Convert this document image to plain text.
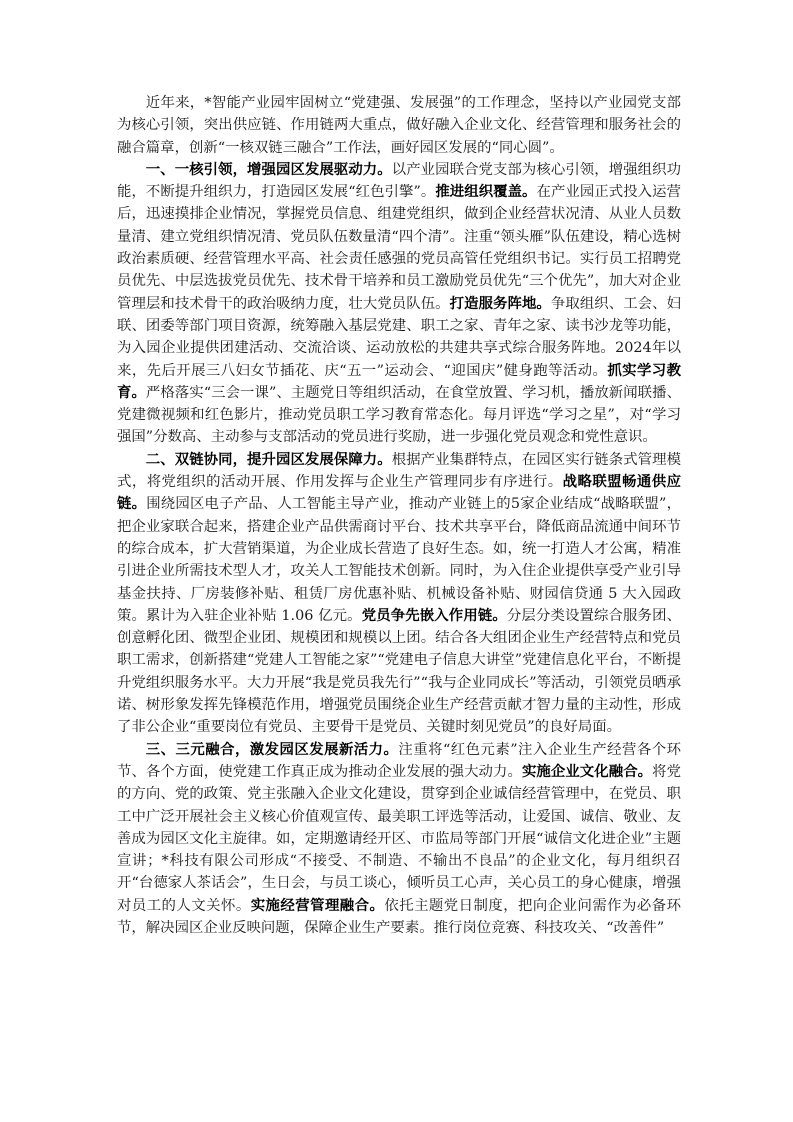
近年来，*智能产业园牢固树立“党建强、发展强”的工作理念，坚持以产业园党支部为核心引领，突出供应链、作用链两大重点，做好融入企业文化、经营管理和服务社会的融合篇章，创新“一核双链三融合”工作法，画好园区发展的“同心圆”。

一、一核引领，增强园区发展驱动力。以产业园联合党支部为核心引领，增强组织功能，不断提升组织力，打造园区发展“红色引擎”。推进组织覆盖。在产业园正式投入运营后，迅速摸排企业情况，掌握党员信息、组建党组织，做到企业经营状况清、从业人员数量清、建立党组织情况清、党员队伍数量清“四个清”。注重“领头雁”队伍建设，精心选树政治素质硬、经营管理水平高、社会责任感强的党员高管任党组织书记。实行员工招聘党员优先、中层选拔党员优先、技术骨干培养和员工激励党员优先“三个优先”，加大对企业管理层和技术骨干的政治吸纳力度，壮大党员队伍。打造服务阵地。争取组织、工会、妇联、团委等部门项目资源，统筹融入基层党建、职工之家、青年之家、读书沙龙等功能，为入园企业提供团建活动、交流洽谈、运动放松的共建共享式综合服务阵地。2024年以来，先后开展三八妇女节插花、庆“五一”运动会、“迎国庆”健身跑等活动。抓实学习教育。严格落实“三会一课”、主题党日等组织活动，在食堂放置、学习机，播放新闻联播、党建微视频和红色影片，推动党员职工学习教育常态化。每月评选“学习之星”，对“学习强国”分数高、主动参与支部活动的党员进行奖励，进一步强化党员观念和党性意识。

二、双链协同，提升园区发展保障力。根据产业集群特点，在园区实行链条式管理模式，将党组织的活动开展、作用发挥与企业生产管理同步有序进行。战略联盟畅通供应链。围绕园区电子产品、人工智能主导产业，推动产业链上的5家企业结成“战略联盟”，把企业家联合起来，搭建企业产品供需商讨平台、技术共享平台，降低商品流通中间环节的综合成本，扩大营销渠道，为企业成长营造了良好生态。如，统一打造人才公寓，精准引进企业所需技术型人才，攻关人工智能技术创新。同时，为入住企业提供享受产业引导基金扶持、厂房装修补贴、租赁厂房优惠补贴、机械设备补贴、财园信贷通 5 大入园政策。累计为入驻企业补贴 1.06 亿元。党员争先嵌入作用链。分层分类设置综合服务团、创意孵化团、微型企业团、规模团和规模以上团。结合各大组团企业生产经营特点和党员职工需求，创新搭建“党建人工智能之家”“党建电子信息大讲堂”党建信息化平台，不断提升党组织服务水平。大力开展“我是党员我先行”“我与企业同成长”等活动，引领党员晒承诺、树形象发挥先锋模范作用，增强党员围绕企业生产经营贡献才智力量的主动性，形成了非公企业“重要岗位有党员、主要骨干是党员、关键时刻见党员”的良好局面。

三、三元融合，激发园区发展新活力。注重将“红色元素”注入企业生产经营各个环节、各个方面，使党建工作真正成为推动企业发展的强大动力。实施企业文化融合。将党的方向、党的政策、党主张融入企业文化建设，贯穿到企业诚信经营管理中，在党员、职工中广泛开展社会主义核心价值观宣传、最美职工评选等活动，让爱国、诚信、敬业、友善成为园区文化主旋律。如，定期邀请经开区、市监局等部门开展“诚信文化进企业”主题宣讲；*科技有限公司形成“不接受、不制造、不输出不良品”的企业文化，每月组织召开“台德家人茶话会”，生日会，与员工谈心，倾听员工心声，关心员工的身心健康，增强对员工的人文关怀。实施经营管理融合。依托主题党日制度，把向企业问需作为必备环节，解决园区企业反映问题，保障企业生产要素。推行岗位竞赛、科技攻关、“改善件”
